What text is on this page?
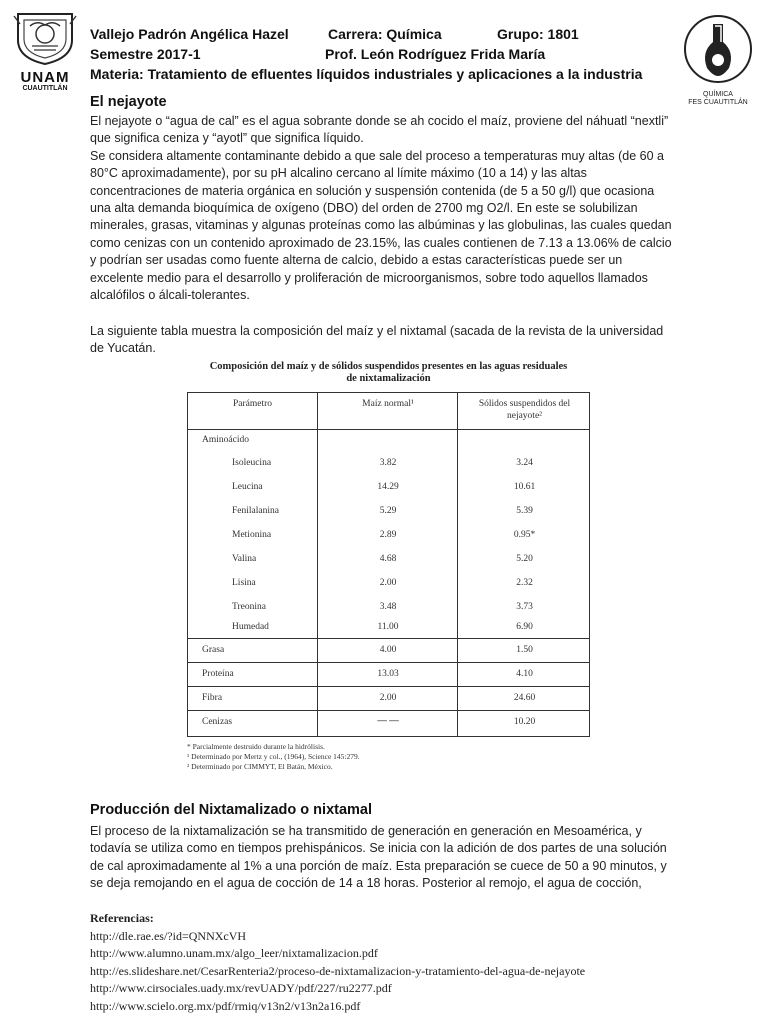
UNAM
CUAUTITLÁN
Vallejo Padrón Angélica Hazel	Carrera: Química	Grupo: 1801
Semestre 2017-1	Prof. León Rodríguez Frida María
Materia: Tratamiento de efluentes líquidos industriales y aplicaciones a la industria
QUÍMICA
FES CUAUTITLÁN
El nejayote
El nejayote o “agua de cal” es el agua sobrante donde se ah cocido el maíz, proviene del náhuatl “nextli”
que significa ceniza y “ayotl” que significa líquido.
Se considera altamente contaminante debido a que sale del proceso a temperaturas muy altas (de 60 a
80°C aproximadamente), por su pH alcalino cercano al límite máximo (10 a 14) y las altas
concentraciones de materia orgánica en solución y suspensión contenida (de 5 a 50 g/l) que ocasiona
una alta demanda bioquímica de oxígeno (DBO) del orden de 2700 mg O2/l. En este se solubilizan
minerales, grasas, vitaminas y algunas proteínas como las albúminas y las globulinas, las cuales quedan
como cenizas con un contenido aproximado de 23.15%, las cuales contienen de 7.13 a 13.06% de calcio
y podrían ser usadas como fuente alterna de calcio, debido a estas características puede ser un
excelente medio para el desarrollo y proliferación de microorganismos, sobre todo aquellos llamados
alcalófilos o álcali-tolerantes.
La siguiente tabla muestra la composición del maíz y el nixtamal (sacada de la revista de la universidad
de Yucatán.
Composición del maíz y de sólidos suspendidos presentes en las aguas residuales
de nixtamalización
Parámetro	Maíz normal¹	Sólidos suspendidos del
nejayote²
Aminoácido
Isoleucina	3.82	3.24
Leucina	14.29	10.61
Fenilalanina	5.29	5.39
Metionina	2.89	0.95*
Valina	4.68	5.20
Lisina	2.00	2.32
Treonina	3.48	3.73
Humedad	11.00	6.90
Grasa	4.00	1.50
Proteína	13.03	4.10
Fibra	2.00	24.60
Cenizas	— —	10.20
* Parcialmente destruido durante la hidrólisis.
¹ Determinado por Mertz y col., (1964), Science 145:279.
² Determinado por CIMMYT, El Batán, México.
Producción del Nixtamalizado o nixtamal
El proceso de la nixtamalización se ha transmitido de generación en generación en Mesoamérica, y
todavía se utiliza como en tiempos prehispánicos. Se inicia con la adición de dos partes de una solución
de cal aproximadamente al 1% a una porción de maíz. Esta preparación se cuece de 50 a 90 minutos, y
se deja remojando en el agua de cocción de 14 a 18 horas. Posterior al remojo, el agua de cocción,
Referencias:
http://dle.rae.es/?id=QNNXcVH
http://www.alumno.unam.mx/algo_leer/nixtamalizacion.pdf
http://es.slideshare.net/CesarRenteria2/proceso-de-nixtamalizacion-y-tratamiento-del-agua-de-nejayote
http://www.cirsociales.uady.mx/revUADY/pdf/227/ru2277.pdf
http://www.scielo.org.mx/pdf/rmiq/v13n2/v13n2a16.pdf
